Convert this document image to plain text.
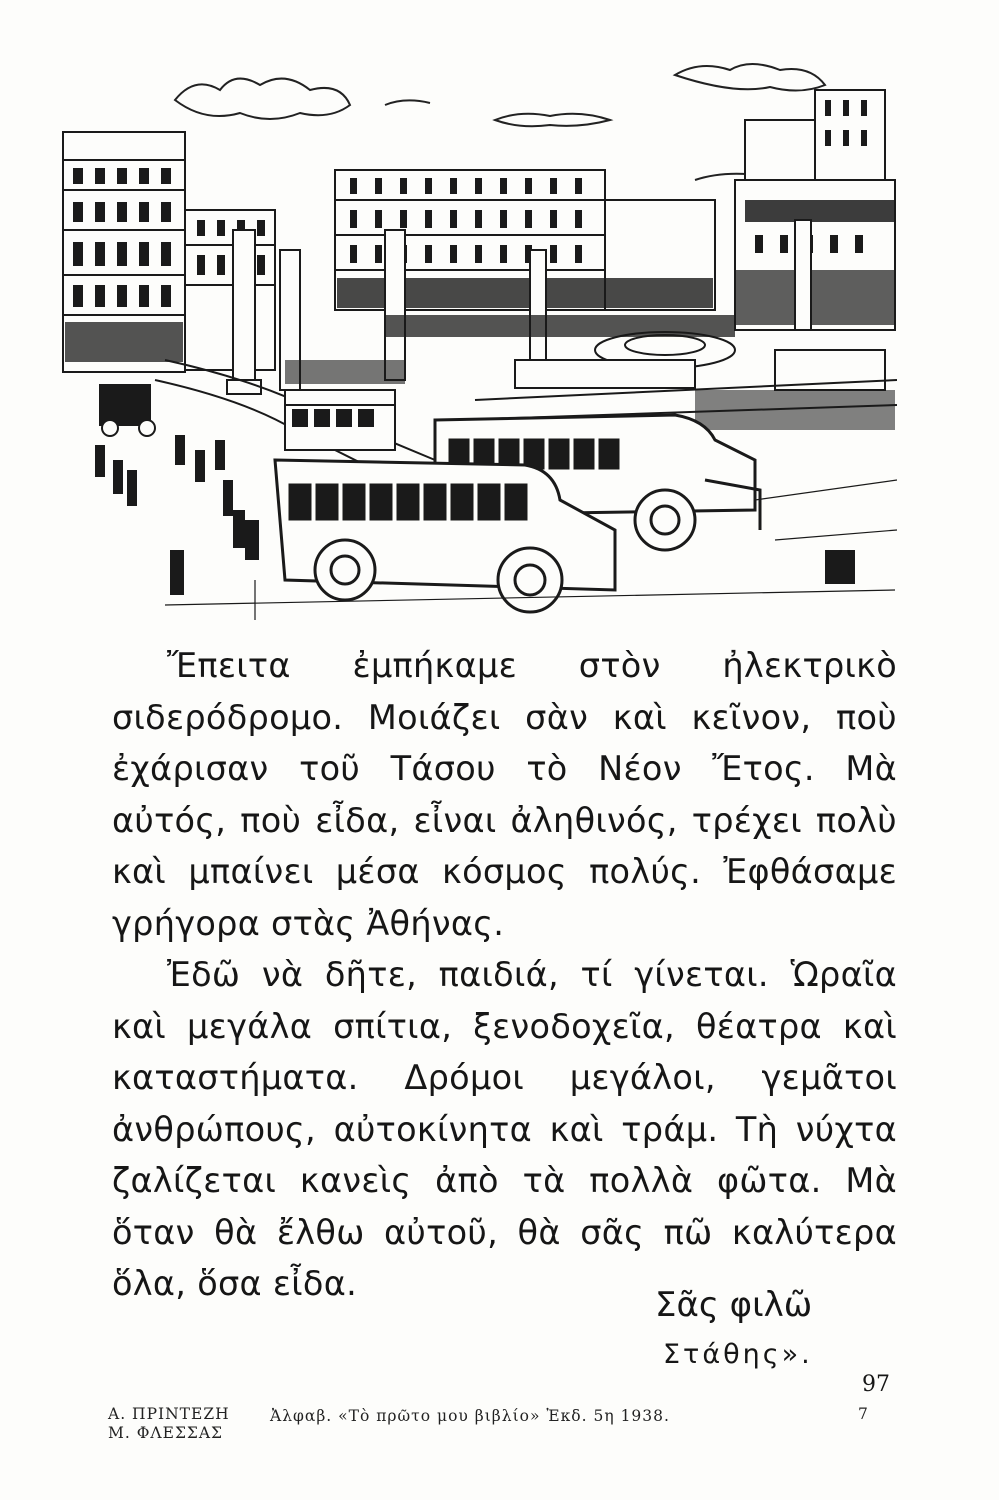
Ἔπειτα ἐμπήκαμε στὸν ἠλεκτρικὸ σιδερόδρομο. Μοιάζει σὰν καὶ κεῖνον, ποὺ ἐχάρισαν τοῦ Τάσου τὸ Νέον Ἔτος. Μὰ αὐτός, ποὺ εἶδα, εἶναι ἀληθινός, τρέχει πολὺ καὶ μπαίνει μέσα κόσμος πολύς. Ἐφθάσαμε γρήγορα στὰς Ἀθήνας.

Ἐδῶ νὰ δῆτε, παιδιά, τί γίνεται. Ὡραῖα καὶ μεγάλα σπίτια, ξενοδοχεῖα, θέατρα καὶ καταστήματα. Δρόμοι μεγάλοι, γεμᾶτοι ἀνθρώπους, αὐτοκίνητα καὶ τράμ. Τὴ νύχτα ζαλίζεται κανεὶς ἀπὸ τὰ πολλὰ φῶτα. Μὰ ὅταν θὰ ἔλθω αὐτοῦ, θὰ σᾶς πῶ καλύτερα ὅλα, ὅσα εἶδα.

Σᾶς φιλῶ
Στάθης».
97
Α. ΠΡΙΝΤΕΖΗ
Μ. ΦΛΕΣΣΑΣ
Ἀλφαβ. «Τὸ πρῶτο μου βιβλίο» Ἐκδ. 5η 1938.	7
